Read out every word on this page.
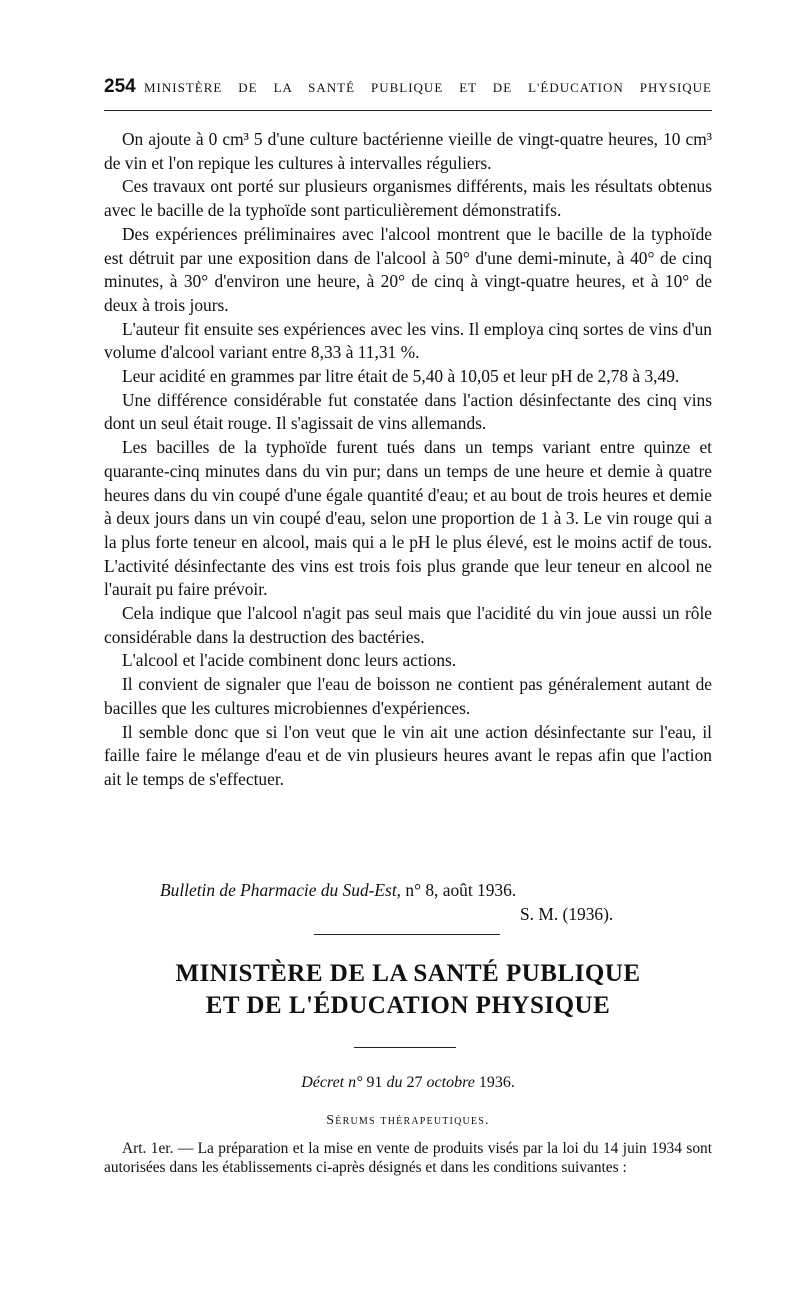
254 MINISTÈRE DE LA SANTÉ PUBLIQUE ET DE L'ÉDUCATION PHYSIQUE

On ajoute à 0 cm³ 5 d'une culture bactérienne vieille de vingt-quatre heures, 10 cm³ de vin et l'on repique les cultures à intervalles réguliers.

Ces travaux ont porté sur plusieurs organismes différents, mais les résultats obtenus avec le bacille de la typhoïde sont particulièrement démonstratifs.

Des expériences préliminaires avec l'alcool montrent que le bacille de la typhoïde est détruit par une exposition dans de l'alcool à 50° d'une demi-minute, à 40° de cinq minutes, à 30° d'environ une heure, à 20° de cinq à vingt-quatre heures, et à 10° de deux à trois jours.

L'auteur fit ensuite ses expériences avec les vins. Il employa cinq sortes de vins d'un volume d'alcool variant entre 8,33 à 11,31 %.

Leur acidité en grammes par litre était de 5,40 à 10,05 et leur pH de 2,78 à 3,49.

Une différence considérable fut constatée dans l'action désinfectante des cinq vins dont un seul était rouge. Il s'agissait de vins allemands.

Les bacilles de la typhoïde furent tués dans un temps variant entre quinze et quarante-cinq minutes dans du vin pur; dans un temps de une heure et demie à quatre heures dans du vin coupé d'une égale quantité d'eau; et au bout de trois heures et demie à deux jours dans un vin coupé d'eau, selon une proportion de 1 à 3. Le vin rouge qui a la plus forte teneur en alcool, mais qui a le pH le plus élevé, est le moins actif de tous. L'activité désinfectante des vins est trois fois plus grande que leur teneur en alcool ne l'aurait pu faire prévoir.

Cela indique que l'alcool n'agit pas seul mais que l'acidité du vin joue aussi un rôle considérable dans la destruction des bactéries.

L'alcool et l'acide combinent donc leurs actions.

Il convient de signaler que l'eau de boisson ne contient pas généralement autant de bacilles que les cultures microbiennes d'expériences.

Il semble donc que si l'on veut que le vin ait une action désinfectante sur l'eau, il faille faire le mélange d'eau et de vin plusieurs heures avant le repas afin que l'action ait le temps de s'effectuer.

Bulletin de Pharmacie du Sud-Est, n° 8, août 1936.
S. M. (1936).
MINISTÈRE DE LA SANTÉ PUBLIQUE
ET DE L'ÉDUCATION PHYSIQUE
Décret n° 91 du 27 octobre 1936.
Sérums thérapeutiques.

Art. 1er. — La préparation et la mise en vente de produits visés par la loi du 14 juin 1934 sont autorisées dans les établissements ci-après désignés et dans les conditions suivantes :
